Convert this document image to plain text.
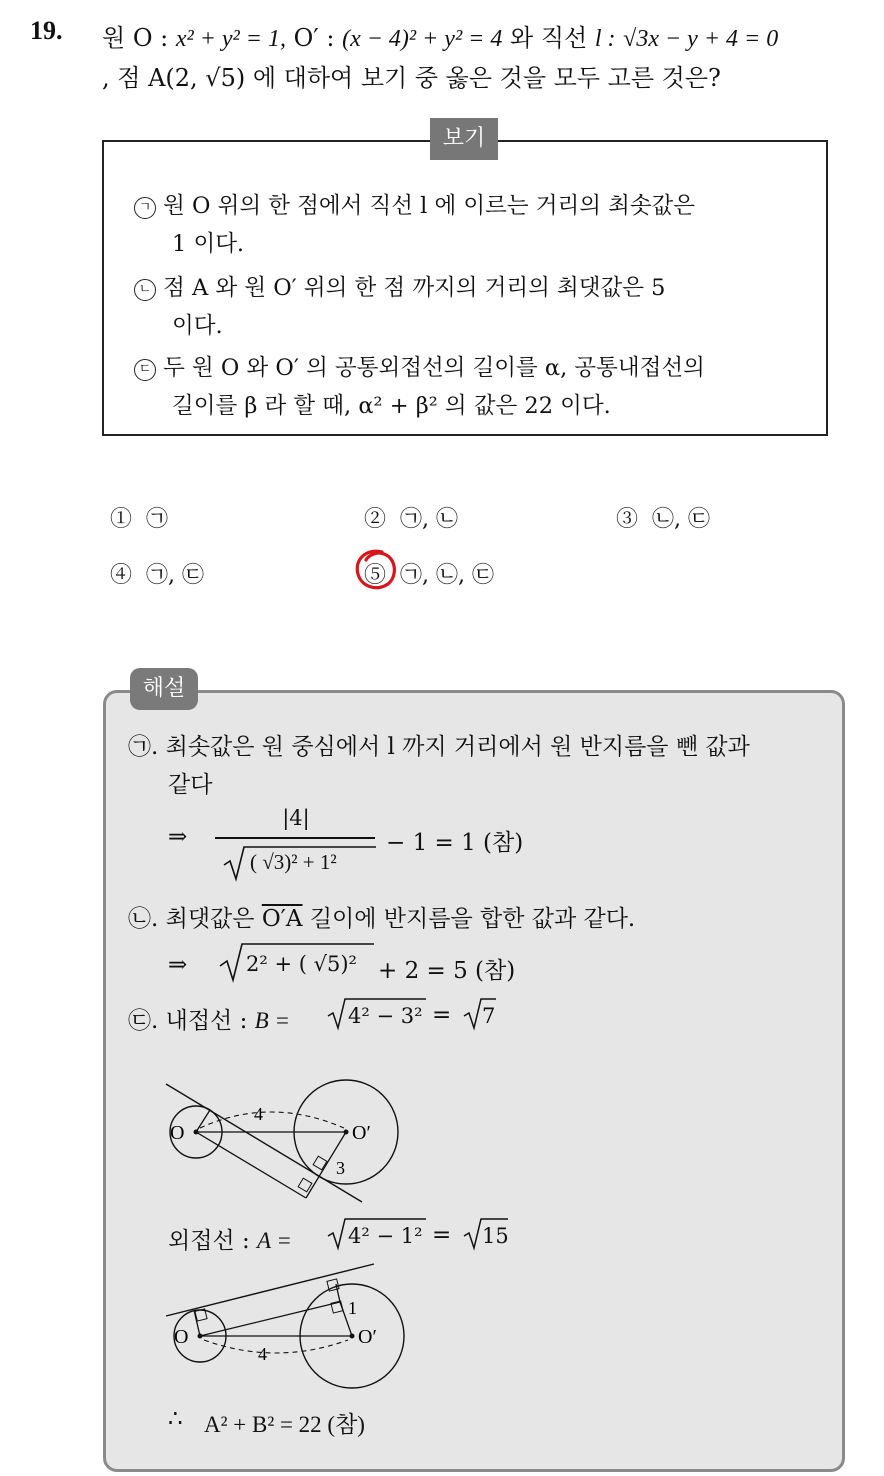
19. 원 O : x² + y² = 1, O′ : (x − 4)² + y² = 4 와 직선 l : √3x − y + 4 = 0
, 점 A(2, √5) 에 대하여 보기 중 옳은 것을 모두 고른 것은?
보기
ㄱ 원 O 위의 한 점에서 직선 l 에 이르는 거리의 최솟값은
1 이다.
ㄴ 점 A 와 원 O′ 위의 한 점 까지의 거리의 최댓값은 5
이다.
ㄷ 두 원 O 와 O′ 의 공통외접선의 길이를 α, 공통내접선의
길이를 β 라 할 때, α² + β² 의 값은 22 이다.
① ㉠	② ㉠, ㉡	③ ㉡, ㉢
④ ㉠, ㉢	⑤ ㉠, ㉡, ㉢
해설
㉠. 최솟값은 원 중심에서 l 까지 거리에서 원 반지름을 뺀 값과
같다
⇒
|4|
( √3)² + 1²
− 1 = 1 (참)
㉡. 최댓값은 O′A 길이에 반지름을 합한 값과 같다.
⇒	2² + ( √5)² + 2 = 5 (참)
㉢. 내접선 : B =	4² − 3² = 7
O	O′
4
3
외접선 : A =	4² − 1² = 15
O	O′
4
1
∴ A² + B² = 22 (참)
